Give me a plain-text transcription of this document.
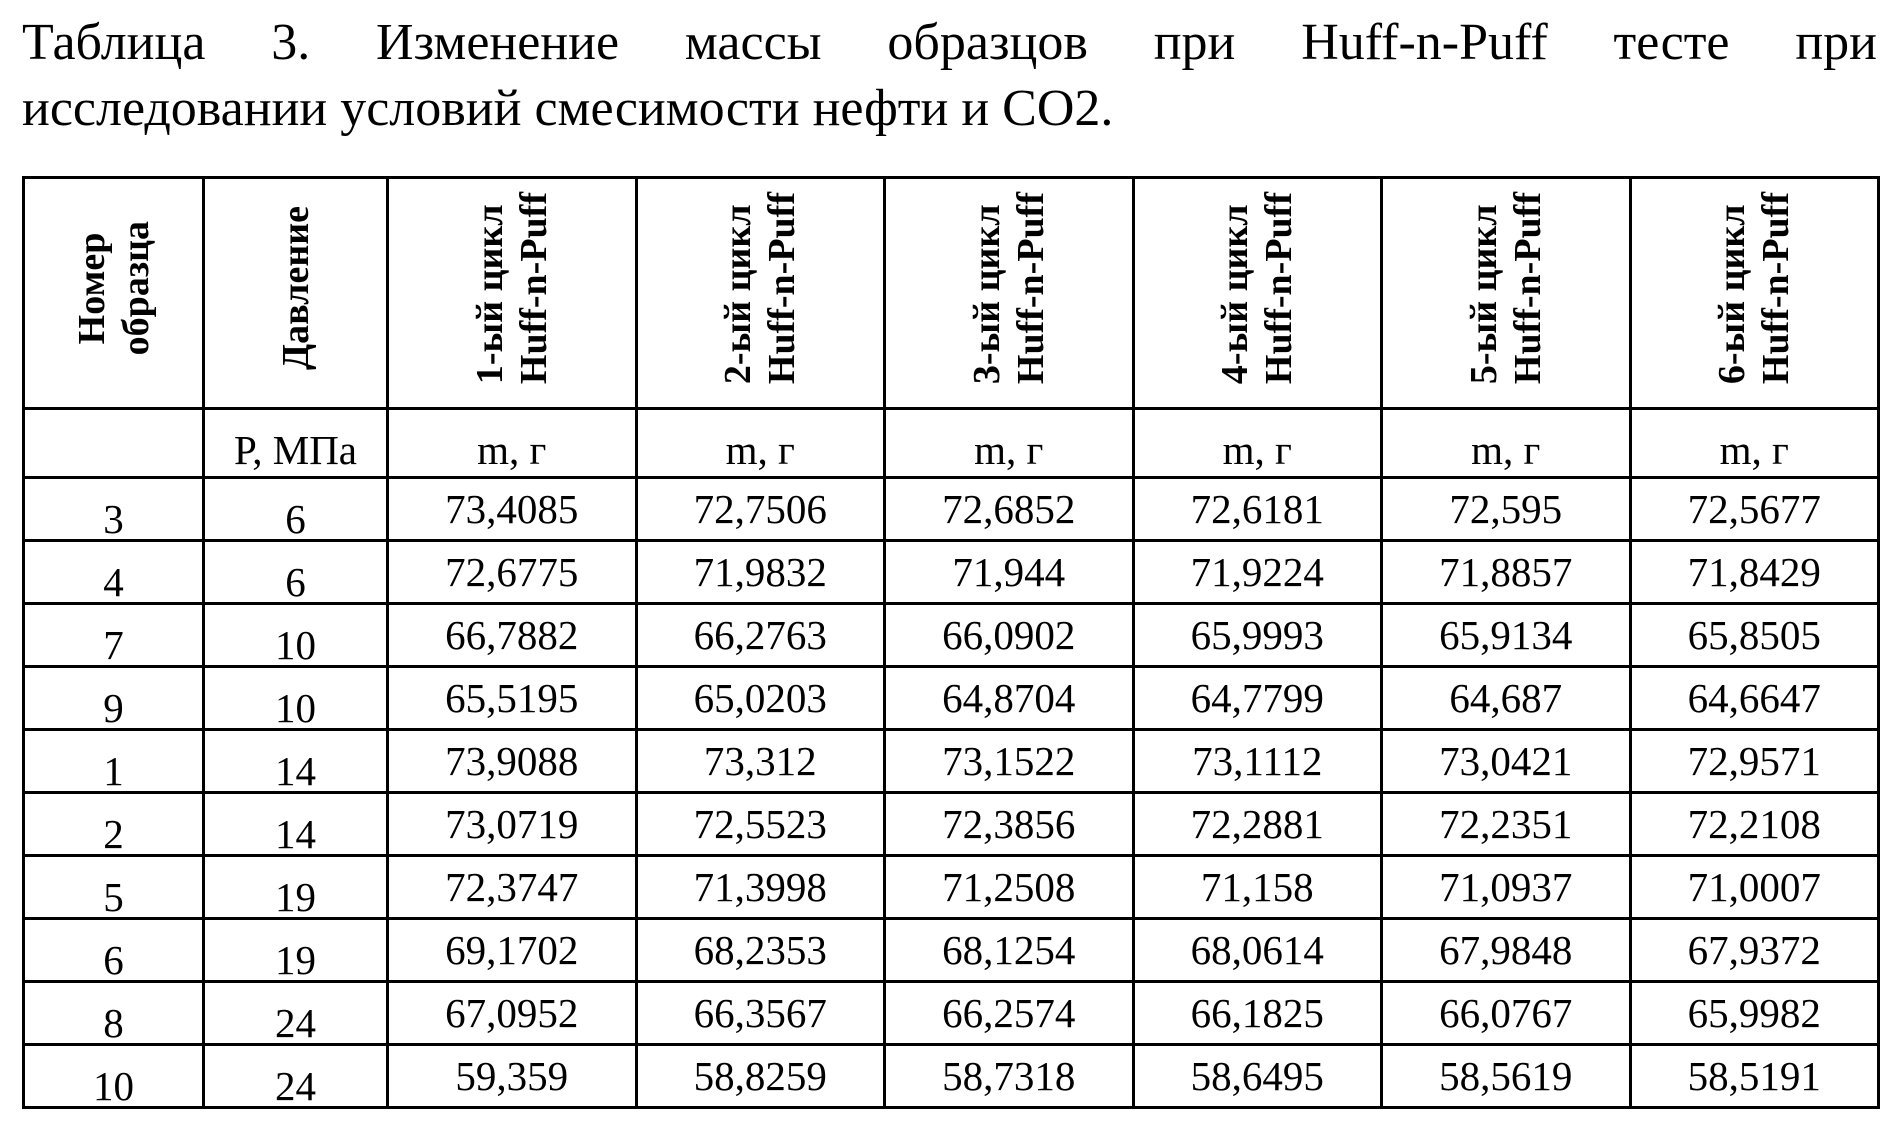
Таблица 3. Изменение массы образцов при Huff-n-Puff тесте при
исследовании условий смесимости нефти и CO2.

Номер образца	Давление	1-ый цикл Huff-n-Puff	2-ый цикл Huff-n-Puff	3-ый цикл Huff-n-Puff	4-ый цикл Huff-n-Puff	5-ый цикл Huff-n-Puff	6-ый цикл Huff-n-Puff

	P, МПа	m, г	m, г	m, г	m, г	m, г	m, г
3	6	73,4085	72,7506	72,6852	72,6181	72,595	72,5677
4	6	72,6775	71,9832	71,944	71,9224	71,8857	71,8429
7	10	66,7882	66,2763	66,0902	65,9993	65,9134	65,8505
9	10	65,5195	65,0203	64,8704	64,7799	64,687	64,6647
1	14	73,9088	73,312	73,1522	73,1112	73,0421	72,9571
2	14	73,0719	72,5523	72,3856	72,2881	72,2351	72,2108
5	19	72,3747	71,3998	71,2508	71,158	71,0937	71,0007
6	19	69,1702	68,2353	68,1254	68,0614	67,9848	67,9372
8	24	67,0952	66,3567	66,2574	66,1825	66,0767	65,9982
10	24	59,359	58,8259	58,7318	58,6495	58,5619	58,5191
